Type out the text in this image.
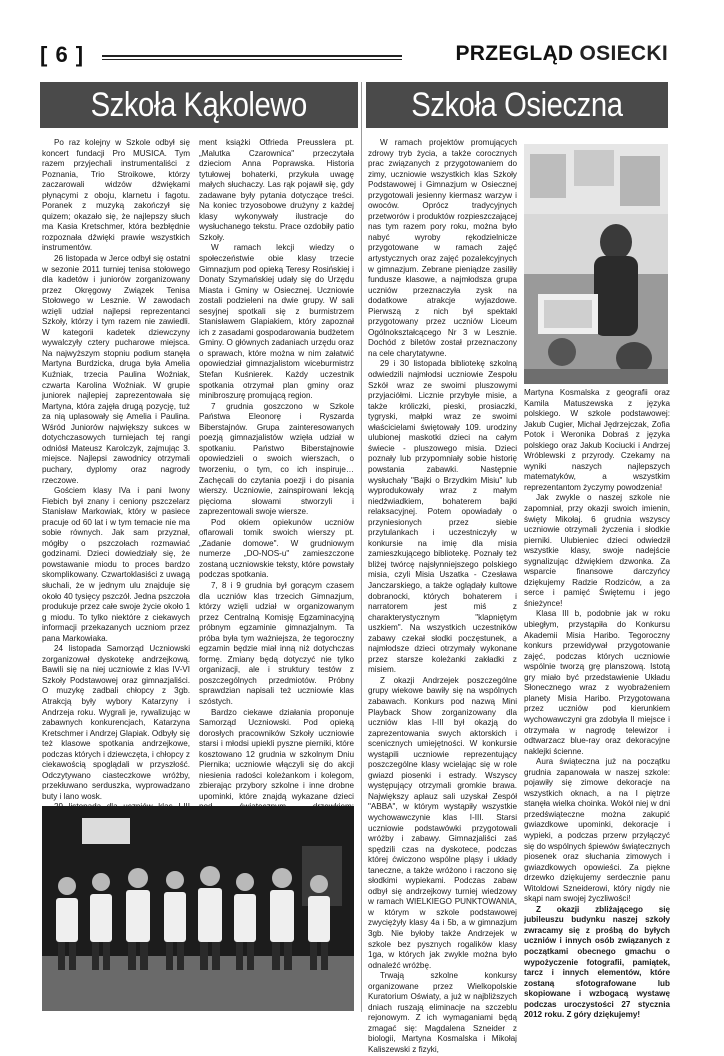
[ 6 ]	PRZEGLĄD OSIECKI
Szkoła Kąkolewo	Szkoła Osieczna

Po raz kolejny w Szkole odbył się koncert fundacji Pro MUSICA. Tym razem przyjechali instrumentaliści z Poznania, Trio Stroikowe, którzy zaczarowali widzów dźwiękami płynącymi z oboju, klarnetu i fagotu. Poranek z muzyką zakończył się quizem; okazało się, że najlepszy słuch ma Kasia Kretschmer, która bezbłędnie rozpoznała dźwięki prawie wszystkich instrumentów.

26 listopada w Jerce odbył się ostatni w sezonie 2011 turniej tenisa stołowego dla kadetów i juniorów zorganizowany przez Okręgowy Związek Tenisa Stołowego w Lesznie. W zawodach wzięli udział najlepsi reprezentanci Szkoły, którzy i tym razem nie zawiedli. W kategorii kadetek dziewczyny wywalczyły cztery pucharowe miejsca. Na najwyższym stopniu podium stanęła Martyna Burdzicka, druga była Amelia Kuźniak, trzecia Paulina Woźniak, czwarta Karolina Woźniak. W grupie juniorek najlepiej zaprezentowała się Martyna, która zajęła drugą pozycję, tuż za nią uplasowały się Amelia i Paulina. Wśród Juniorów największy sukces w dotychczasowych turniejach tej rangi odniósł Mateusz Karolczyk, zajmując 3. miejsce. Najlepsi zawodnicy otrzymali puchary, dyplomy oraz nagrody rzeczowe.

Gościem klasy IVa i pani Iwony Fiebich był znany i ceniony pszczelarz Stanisław Markowiak, który w pasiece pracuje od 60 lat i w tym temacie nie ma sobie równych. Jak sam przyznał, mógłby o pszczołach rozmawiać godzinami. Dzieci dowiedziały się, że powstawanie miodu to proces bardzo skomplikowany. Czwartoklasiści z uwagą słuchali, że w jednym ulu znajduje się około 40 tysięcy pszczół. Jedna pszczoła produkuje przez całe swoje życie około 1 g miodu. To tylko niektóre z ciekawych informacji przekazanych uczniom przez pana Markowiaka.

24 listopada Samorząd Uczniowski zorganizował dyskotekę andrzejkową. Bawili się na niej uczniowie z klas IV-VI Szkoły Podstawowej oraz gimnazjaliści. O muzykę zadbali chłopcy z 3gb. Atrakcją były wybory Katarzyny i Andrzeja roku. Wygrali je, rywalizując w zabawnych konkurencjach, Katarzyna Kretschmer i Andrzej Glapiak. Odbyły się też klasowe spotkania andrzejkowe, podczas których i dziewczęta, i chłopcy z ciekawością spoglądali w przyszłość. Odczytywano ciasteczkowe wróżby, przekłuwano serduszka, wyprowadzano buty i lano wosk.

ment książki Otfrieda Preusslera pt. „Malutka Czarownica" przeczytała dzieciom Anna Poprawska. Historia tytułowej bohaterki, przykuła uwagę małych słuchaczy. Las rąk pojawił się, gdy zadawane były pytania dotyczące treści. Na koniec trzyosobowe drużyny z każdej klasy wykonywały ilustracje do wysłuchanego tekstu. Prace ozdobiły patio Szkoły.

W ramach lekcji wiedzy o społeczeństwie obie klasy trzecie Gimnazjum pod opieką Teresy Rosińskiej i Donaty Szymańskiej udały się do Urzędu Miasta i Gminy w Osiecznej. Uczniowie zostali podzieleni na dwie grupy. W sali sesyjnej spotkali się z burmistrzem Stanisławem Glapiakiem, który zapoznał ich z zasadami gospodarowania budżetem Gminy. O głównych zadaniach urzędu oraz o sprawach, które można w nim załatwić opowiedział gimnazjalistom wiceburmistrz Stefan Kuśnierek. Każdy uczestnik spotkania otrzymał plan gminy oraz minibroszurę promującą region.

7 grudnia goszczono w Szkole Państwa Eleonorę i Ryszarda Biberstajnów. Grupa zainteresowanych poezją gimnazjalistów wzięła udział w spotkaniu. Państwo Biberstajnowie opowiedzieli o swoich wierszach, o tworzeniu, o tym, co ich inspiruje… Zachęcali do czytania poezji i do pisania wierszy. Uczniowie, zainspirowani lekcją pięcioma słowami stworzyli i zaprezentowali swoje wiersze.

Pod okiem opiekunów uczniów oflarowali tomik swoich wierszy pt. „Zadanie domowe". W grudniowym numerze „DO-NOS-u" zamieszczone zostaną uczniowskie teksty, które powstały podczas spotkania.

7, 8 i 9 grudnia był gorącym czasem dla uczniów klas trzecich Gimnazjum, którzy wzięli udział w organizowanym przez Centralną Komisję Egzaminacyjną próbnym egzaminie gimnazjalnym. Ta próba była tym ważniejsza, że tegoroczny egzamin będzie miał inną niż dotychczas formę. Zmiany będą dotyczyć nie tylko organizacji, ale i struktury testów z poszczególnych przedmiotów. Próbny sprawdzian napisali też uczniowie klas szóstych.

Bardzo ciekawe działania proponuje Samorząd Uczniowski. Pod opieką dorosłych pracowników Szkoły uczniowie starsi i młodsi upiekli pyszne pierniki, które kosztowano 12 grudnia w szkolnym Dniu Piernika; uczniowie włączyli się do akcji niesienia radości koleżankom i kolegom, zbierając przybory szkolne i inne drobne upominki, które znajdą wykazane dzieci

W ramach projektów promujących zdrowy tryb życia, a także corocznych prac związanych z przygotowaniem do zimy, uczniowie wszystkich klas Szkoły Podstawowej i Gimnazjum w Osiecznej przygotowali jesienny kiermasz warzyw i owoców. Oprócz tradycyjnych przetworów i produktów rozpieszczającej nas tym razem pory roku, można było nabyć wyroby rękodzielnicze przygotowane w ramach zajęć artystycznych oraz zajęć pozalekcyjnych w gimnazjum. Zebrane pieniądze zasiliły fundusze klasowe, a najmłodsza grupa uczniów przeznaczyła zysk na dodatkowe atrakcje wyjazdowe. Pierwszą z nich był spektakl przygotowany przez uczniów Liceum Ogólnokształcącego Nr 3 w Lesznie. Dochód z biletów został przeznaczony na cele charytatywne.

29 i 30 listopada bibliotekę szkolną odwiedzili najmłodsi uczniowie Zespołu Szkół wraz ze swoimi pluszowymi przyjaciółmi. Licznie przybyłe misie, a także króliczki, pieski, prosiaczki, tygryski, małpki wraz ze swoimi właścicielami świętowały 109. urodziny ulubionej maskotki dzieci na całym świecie - pluszowego misia. Dzieci poznały lub przypomniały sobie historię powstania zabawki. Następnie wysłuchały "Bajki o Brzydkim Misiu" lub wyprodukowały wraz z małym niedźwiadkiem, bohaterem bajki relaksacyjnej. Potem opowiadały o przyniesionych przez siebie przytulankach i uczestniczyły w konkursie na imię dla misia zamieszkującego bibliotekę. Poznały też bliżej twórcę najsłynniejszego polskiego misia, czyli Misia Uszatka - Czesława Janczarskiego, a także oglądały kultowe dobranocki, których bohaterem i narratorem jest miś z charakterystycznym "klapniętym uszkiem". Na wszystkich uczestników zabawy czekał słodki poczęstunek, a najmłodsze dzieci otrzymały wykonane przez starsze koleżanki zakładki z misiem.

Z okazji Andrzejek poszczególne grupy wiekowe bawiły się na wspólnych zabawach. Konkurs pod nazwą Mini Playback Show zorganizowany dla uczniów klas I-III był okazją do zaprezentowania swych aktorskich i scenicznych umiejętności. W konkursie wystąpili uczniowie reprezentujący poszczególne klasy wcielając się w role gwiazd piosenki i estrady. Wszyscy występujący otrzymali gromkie brawa. Największy aplauz sali uzyskał Zespół "ABBA", w którym wystąpiły wszystkie wychowawczynie klas I-III. Starsi uczniowie podstawówki przygotowali wróżby i zabawy. Gimnazjaliści zaś spędzili czas na dyskotece, podczas której ćwiczono wspólne pląsy i układy taneczne, a także wróżono i raczono się słodkimi wypiekami. Podczas zabaw odbył się andrzejkowy turniej wiedzowy w ramach WIELKIEGO PUNKTOWANIA, w którym w szkole podstawowej zwyciężyły klasy 4a i 5b, a w gimnazjum 3gb. Nie byłoby także Andrzejek w szkole bez pysznych rogalików klasy 1ga, w których jak zwykle można było odnaleźć wróżbę.

Trwają szkolne konkursy organizowane przez Wielkopolskie Kuratorium Oświaty, a już w najbliższych dniach ruszają eliminacje na szczeblu rejonowym. Z ich wymaganiami będą zmagać się: Magdalena Szneider z biologii, Martyna Kosmalska i Mikołaj Kaliszewski z fizyki,

Martyna Kosmalska z geografii oraz Kamila Matuszewska z języka polskiego. W szkole podstawowej: Jakub Cugier, Michał Jędrzejczak, Zofia Potok i Weronika Dobraś z języka polskiego oraz Jakub Kociucki i Andrzej Wróblewski z przyrody. Czekamy na wyniki naszych najlepszych matematyków, a wszystkim reprezentantom życzymy powodzenia!

Jak zwykle o naszej szkole nie zapomniał, przy okazji swoich imienin, święty Mikołaj. 6 grudnia wszyscy uczniowie otrzymali życzenia i słodkie pierniki. Ulubieniec dzieci odwiedził wszystkie klasy, swoje nadejście sygnalizując dźwiękiem dzwonka. Za wsparcie finansowe darczyńcy dziękujemy Radzie Rodziców, a za serce i pamięć Świętemu i jego śnieżynce!

Klasa III b, podobnie jak w roku ubiegłym, przystąpiła do Konkursu Akademii Misia Haribo. Tegoroczny konkurs przewidywał przygotowanie zajęć, podczas których uczniowie wspólnie tworzą grę planszową. Istotą gry miało być przedstawienie Układu Słonecznego wraz z wyobrażeniem planety Misia Haribo. Przygotowana przez uczniów pod kierunkiem wychowawczyni gra zdobyła II miejsce i otrzymała w nagrodę telewizor i odtwarzacz blue-ray oraz dekoracyjne naklejki ścienne.

Aura świąteczna już na początku grudnia zapanowała w naszej szkole: pojawiły się zimowe dekoracje na wszystkich oknach, a na I piętrze stanęła wielka choinka. Wokół niej w dni przedświąteczne można zakupić gwiazdkowe upominki, dekoracje i wypieki, a podczas przerw przyłączyć się do wspólnych śpiewów świątecznych piosenek oraz słuchania zimowych i gwiazdkowych opowieści. Za piękne drzewko dziękujemy serdecznie panu Witoldowi Szneiderowi, który nigdy nie skąpi nam swojej życzliwości!

Z okazji zbliżającego się jubileuszu budynku naszej szkoły zwracamy się z prośbą do byłych uczniów i innych osób związanych z początkami obecnego gmachu o wypożyczenie fotografii, pamiątek, tarcz i innych elementów, które zostaną sfotografowane lub skopiowane i wzbogacą wystawę podczas uroczystości 27 stycznia 2012 roku. Z góry dziękujemy!
